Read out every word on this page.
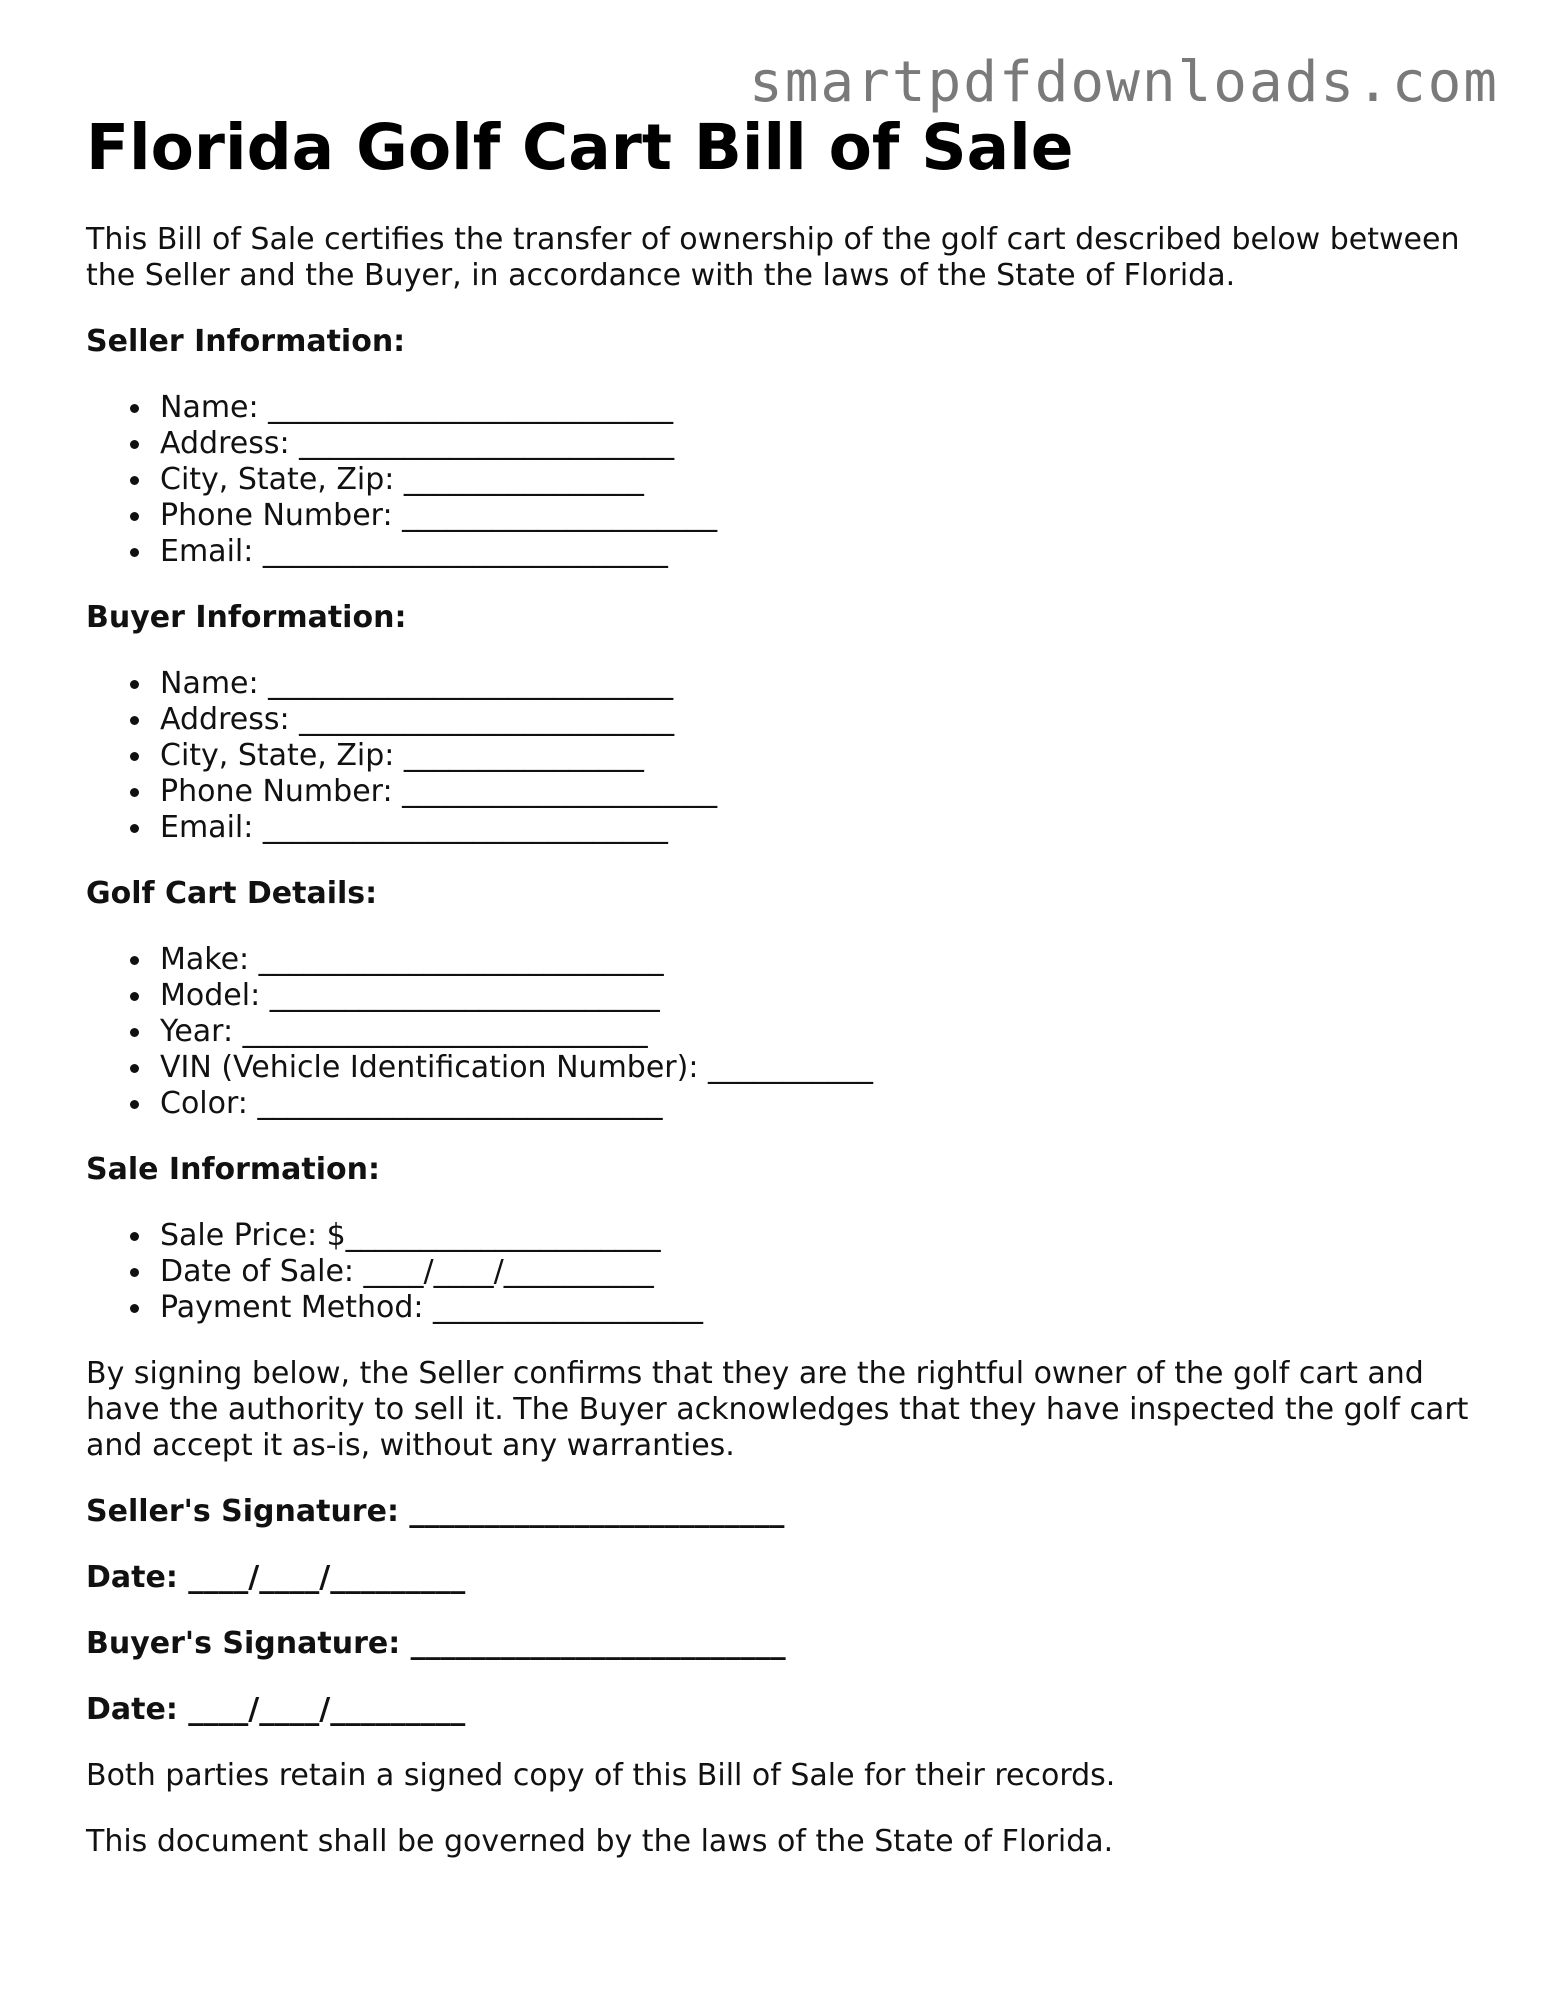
smartpdfdownloads.com
Florida Golf Cart Bill of Sale

This Bill of Sale certifies the transfer of ownership of the golf cart described below between the Seller and the Buyer, in accordance with the laws of the State of Florida.

Seller Information:
Name: ___________________________
Address: _________________________
City, State, Zip: ________________
Phone Number: _____________________
Email: ___________________________
Buyer Information:
Name: ___________________________
Address: _________________________
City, State, Zip: ________________
Phone Number: _____________________
Email: ___________________________
Golf Cart Details:
Make: ___________________________
Model: __________________________
Year: ___________________________
VIN (Vehicle Identification Number): ___________
Color: ___________________________
Sale Information:
Sale Price: $_____________________
Date of Sale: ____/____/__________
Payment Method: __________________

By signing below, the Seller confirms that they are the rightful owner of the golf cart and have the authority to sell it. The Buyer acknowledges that they have inspected the golf cart and accept it as-is, without any warranties.

Seller's Signature: _________________________

Date: ____/____/_________

Buyer's Signature: _________________________

Date: ____/____/_________

Both parties retain a signed copy of this Bill of Sale for their records.

This document shall be governed by the laws of the State of Florida.
